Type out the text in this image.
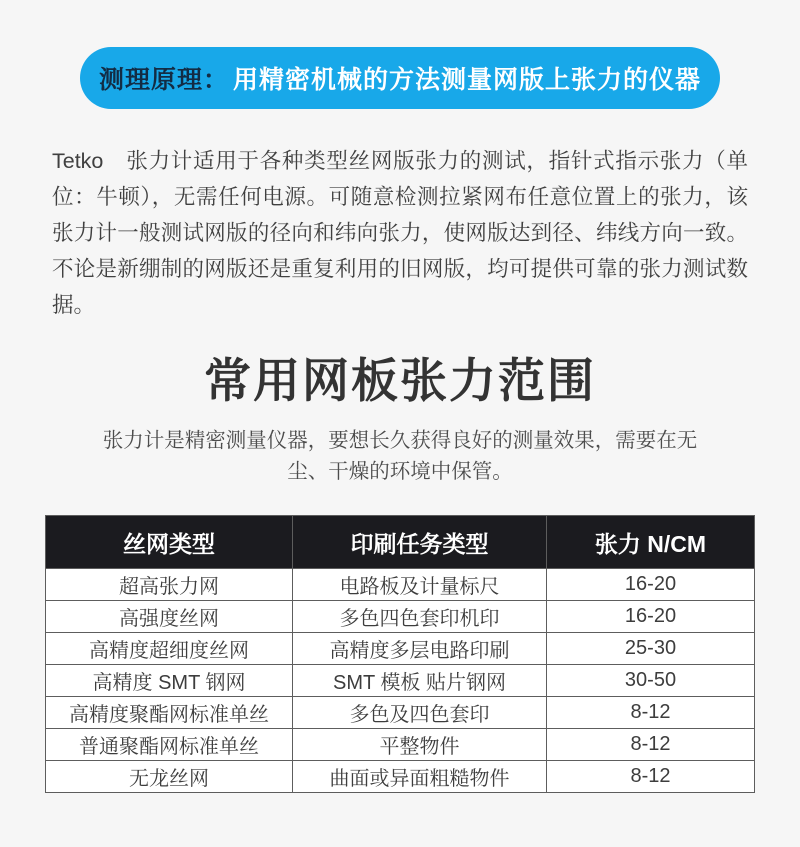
测理原理： 用精密机械的方法测量网版上张力的仪器

Tetko　张力计适用于各种类型丝网版张力的测试，指针式指示张力（单位：牛顿），无需任何电源。可随意检测拉紧网布任意位置上的张力，该张力计一般测试网版的径向和纬向张力，使网版达到径、纬线方向一致。不论是新绷制的网版还是重复利用的旧网版，均可提供可靠的张力测试数据。

常用网板张力范围

张力计是精密测量仪器，要想长久获得良好的测量效果，需要在无尘、干燥的环境中保管。

丝网类型	印刷任务类型	张力 N/CM
超高张力网	电路板及计量标尺	16-20
高强度丝网	多色四色套印机印	16-20
高精度超细度丝网	高精度多层电路印刷	25-30
高精度 SMT 钢网	SMT 模板 贴片钢网	30-50
高精度聚酯网标准单丝	多色及四色套印	8-12
普通聚酯网标准单丝	平整物件	8-12
无龙丝网	曲面或异面粗糙物件	8-12
